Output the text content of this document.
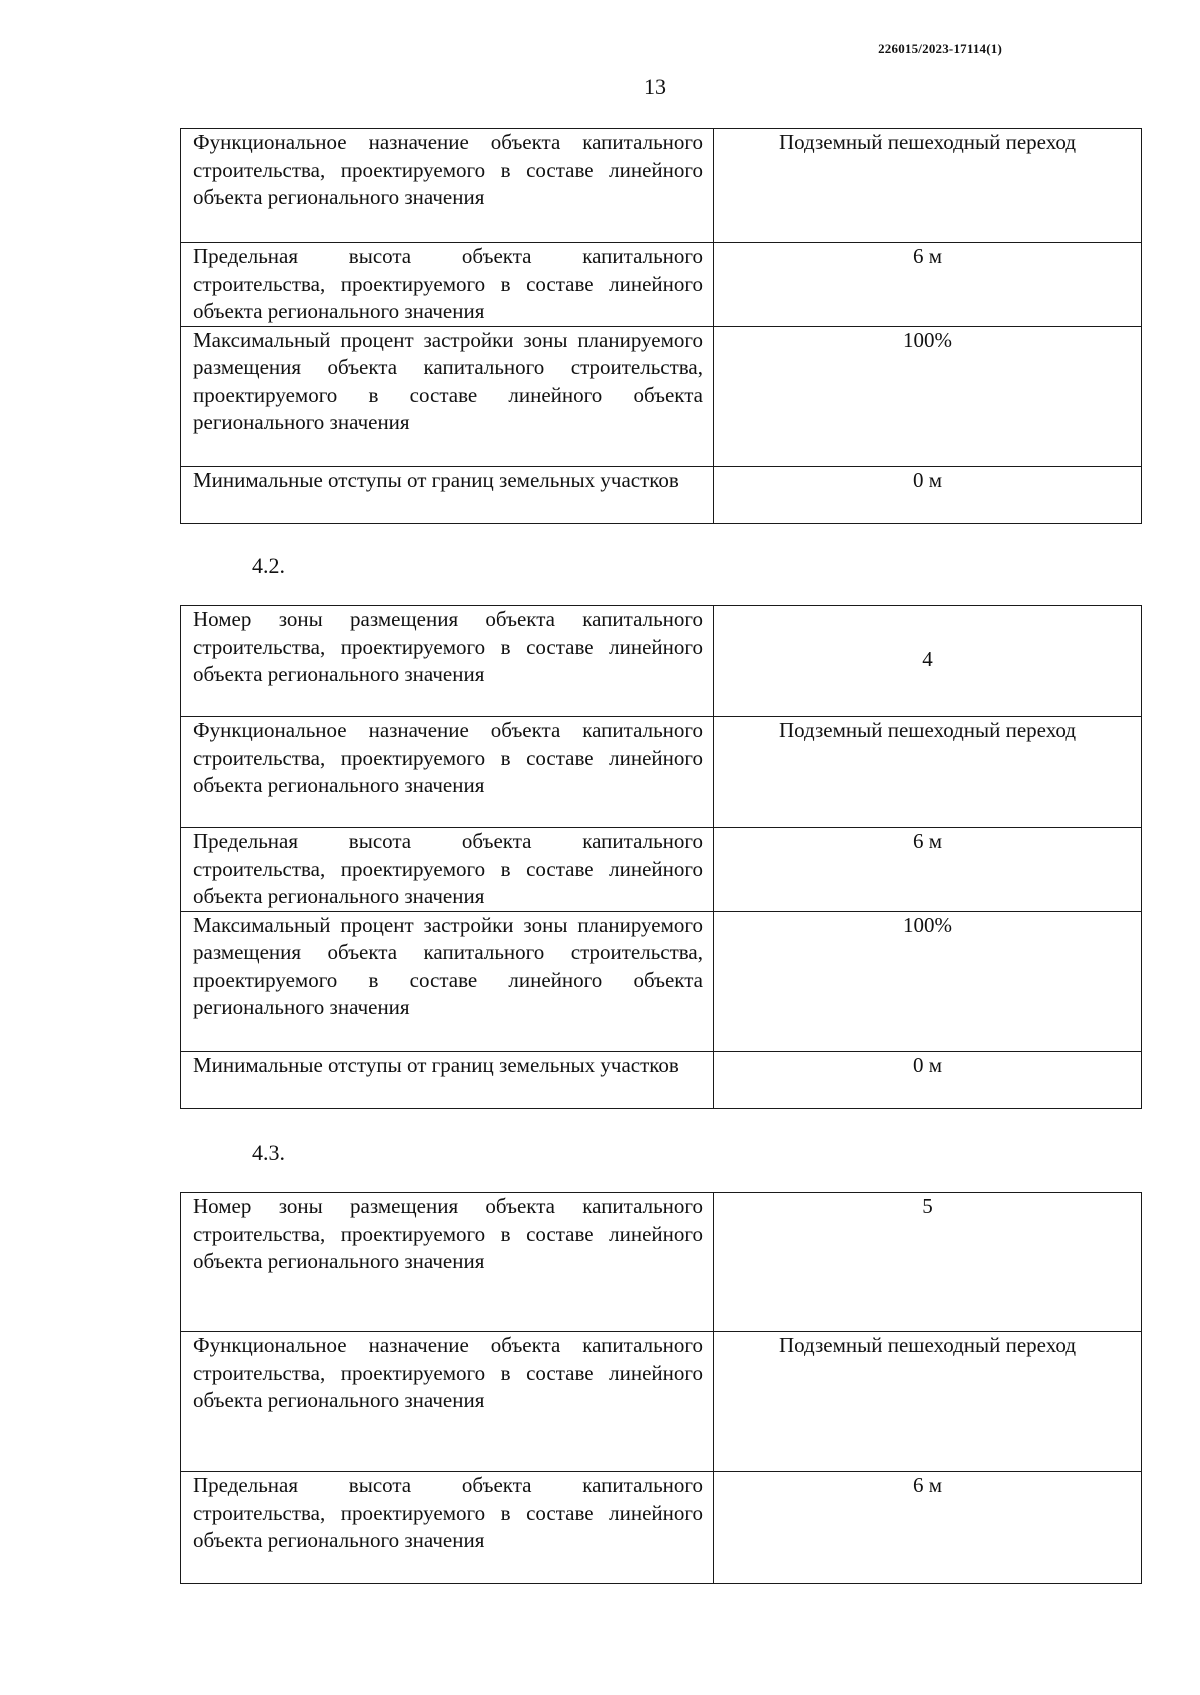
226015/2023-17114(1)
13
Функциональное назначение объекта капитального строительства, проектируемого в составе линейного объекта регионального значения	Подземный пешеходный переход
Предельная высота объекта капитального строительства, проектируемого в составе линейного объекта регионального значения	6 м
Максимальный процент застройки зоны планируемого размещения объекта капитального строительства, проектируемого в составе линейного объекта регионального значения	100%
Минимальные отступы от границ земельных участков	0 м
4.2.
Номер зоны размещения объекта капитального строительства, проектируемого в составе линейного объекта регионального значения	4
Функциональное назначение объекта капитального строительства, проектируемого в составе линейного объекта регионального значения	Подземный пешеходный переход
Предельная высота объекта капитального строительства, проектируемого в составе линейного объекта регионального значения	6 м
Максимальный процент застройки зоны планируемого размещения объекта капитального строительства, проектируемого в составе линейного объекта регионального значения	100%
Минимальные отступы от границ земельных участков	0 м
4.3.
Номер зоны размещения объекта капитального строительства, проектируемого в составе линейного объекта регионального значения	5
Функциональное назначение объекта капитального строительства, проектируемого в составе линейного объекта регионального значения	Подземный пешеходный переход
Предельная высота объекта капитального строительства, проектируемого в составе линейного объекта регионального значения	6 м
